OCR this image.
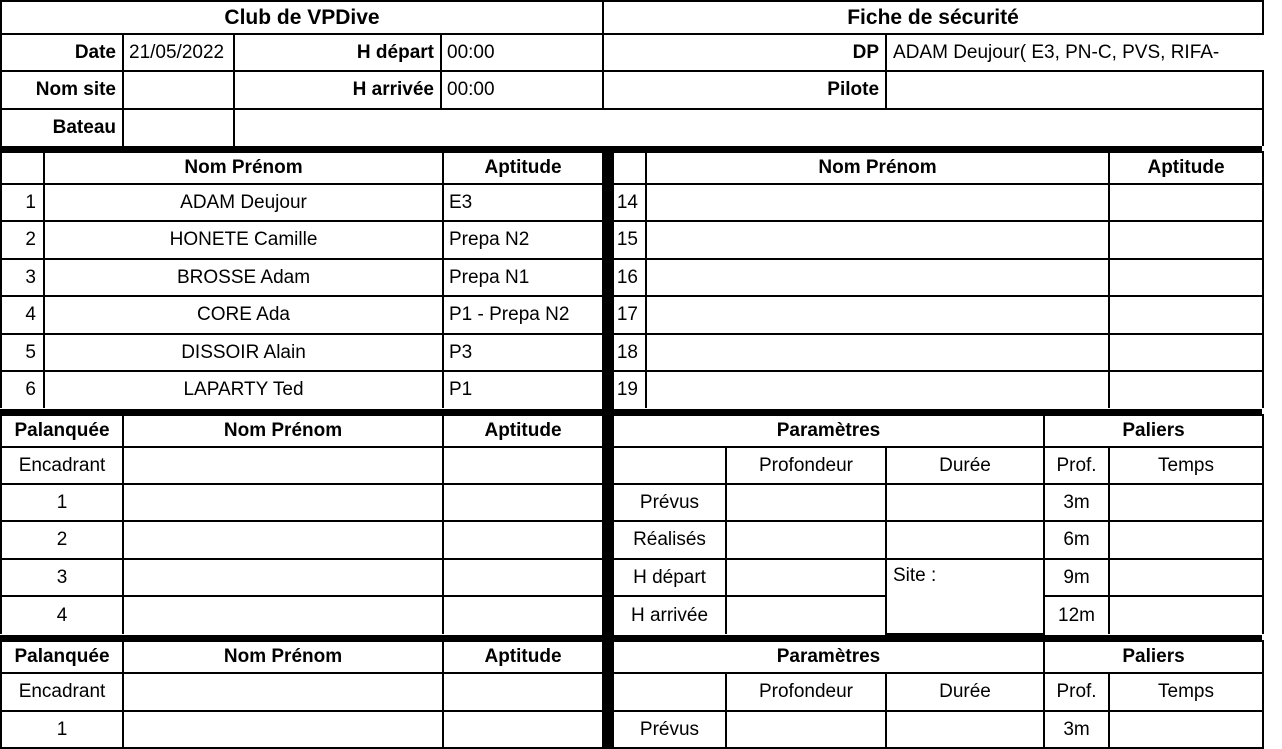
Club de VPDive				Fiche de sécurité	
Date	21/05/2022	H départ	00:00	DP	ADAM Deujour( E3, PN-C, PVS, RIFA-
Nom site		H arrivée	00:00	Pilote	
Bateau					
	Nom Prénom	Aptitude			Nom Prénom	Aptitude
1	ADAM Deujour	E3		14		
2	HONETE Camille	Prepa N2		15		
3	BROSSE Adam	Prepa N1		16		
4	CORE Ada	P1 - Prepa N2		17		
5	DISSOIR Alain	P3		18		
6	LAPARTY Ted	P1		19		
Palanquée	Nom Prénom	Aptitude		Paramètres			Paliers	
Encadrant					Profondeur	Durée	Prof.	Temps
1				Prévus			3m	
2				Réalisés			6m	
3				H départ		Site :	9m	
4				H arrivée			12m	
Palanquée	Nom Prénom	Aptitude		Paramètres			Paliers	
Encadrant					Profondeur	Durée	Prof.	Temps
1				Prévus			3m	
